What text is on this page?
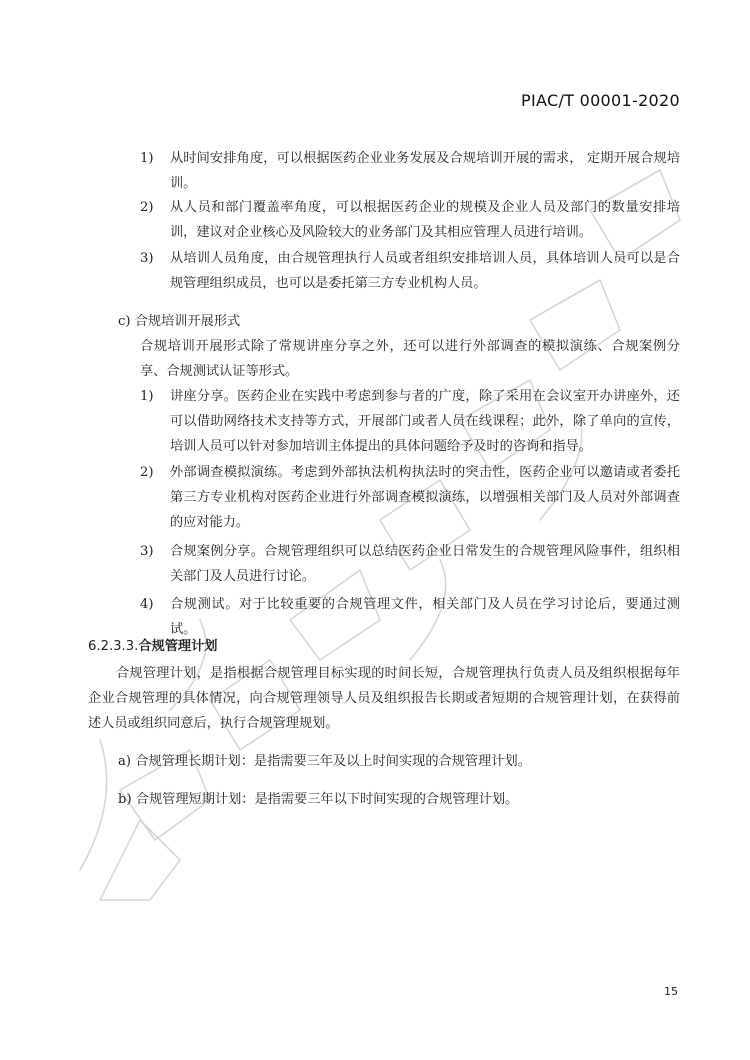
PIAC/T 00001-2020
1)	从时间安排角度，可以根据医药企业业务发展及合规培训开展的需求， 定期开展合规培训。
2)	从人员和部门覆盖率角度，可以根据医药企业的规模及企业人员及部门的数量安排培训，建议对企业核心及风险较大的业务部门及其相应管理人员进行培训。
3)	从培训人员角度，由合规管理执行人员或者组织安排培训人员，具体培训人员可以是合规管理组织成员，也可以是委托第三方专业机构人员。
c) 合规培训开展形式
合规培训开展形式除了常规讲座分享之外，还可以进行外部调查的模拟演练、合规案例分享、合规测试认证等形式。
1)	讲座分享。医药企业在实践中考虑到参与者的广度，除了采用在会议室开办讲座外，还可以借助网络技术支持等方式，开展部门或者人员在线课程；此外，除了单向的宣传，培训人员可以针对参加培训主体提出的具体问题给予及时的咨询和指导。
2)	外部调查模拟演练。考虑到外部执法机构执法时的突击性，医药企业可以邀请或者委托第三方专业机构对医药企业进行外部调查模拟演练，以增强相关部门及人员对外部调查的应对能力。
3)	合规案例分享。合规管理组织可以总结医药企业日常发生的合规管理风险事件，组织相关部门及人员进行讨论。
4)	合规测试。对于比较重要的合规管理文件，相关部门及人员在学习讨论后，要通过测试。
6.2.3.3.合规管理计划
合规管理计划，是指根据合规管理目标实现的时间长短，合规管理执行负责人员及组织根据每年企业合规管理的具体情况，向合规管理领导人员及组织报告长期或者短期的合规管理计划，在获得前述人员或组织同意后，执行合规管理规划。
a) 合规管理长期计划：是指需要三年及以上时间实现的合规管理计划。
b) 合规管理短期计划：是指需要三年以下时间实现的合规管理计划。
15
